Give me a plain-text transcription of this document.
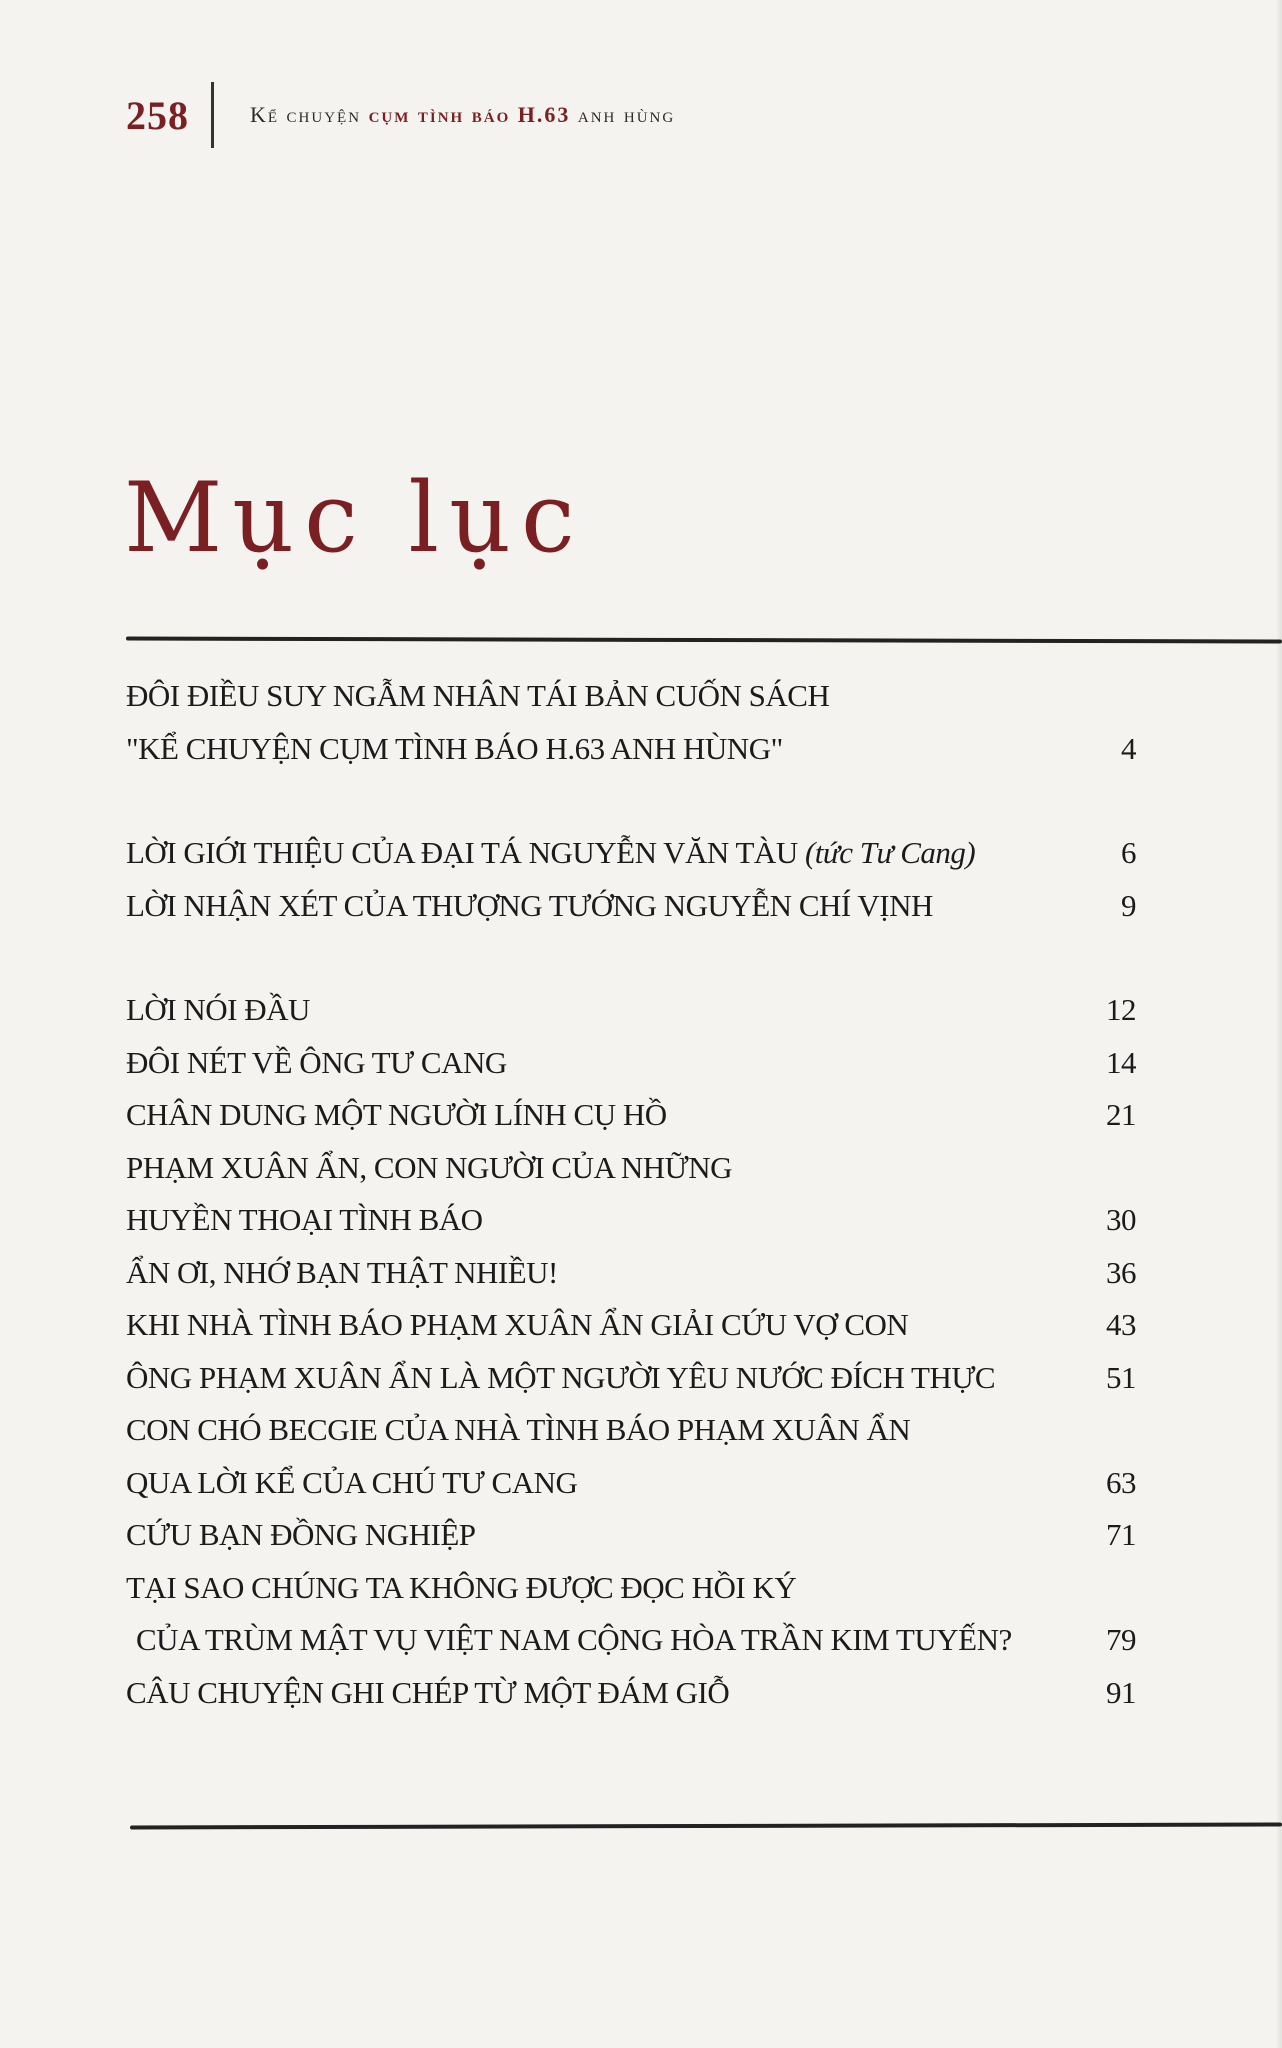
258	Kể chuyện cụm tình báo H.63 anh hùng
Mục lục
ĐÔI ĐIỀU SUY NGẪM NHÂN TÁI BẢN CUỐN SÁCH
"KỂ CHUYỆN CỤM TÌNH BÁO H.63 ANH HÙNG"	4
LỜI GIỚI THIỆU CỦA ĐẠI TÁ NGUYỄN VĂN TÀU (tức Tư Cang)	6
LỜI NHẬN XÉT CỦA THƯỢNG TƯỚNG NGUYỄN CHÍ VỊNH	9
LỜI NÓI ĐẦU	12
ĐÔI NÉT VỀ ÔNG TƯ CANG	14
CHÂN DUNG MỘT NGƯỜI LÍNH CỤ HỒ	21
PHẠM XUÂN ẨN, CON NGƯỜI CỦA NHỮNG
HUYỀN THOẠI TÌNH BÁO	30
ẨN ƠI, NHỚ BẠN THẬT NHIỀU!	36
KHI NHÀ TÌNH BÁO PHẠM XUÂN ẨN GIẢI CỨU VỢ CON	43
ÔNG PHẠM XUÂN ẨN LÀ MỘT NGƯỜI YÊU NƯỚC ĐÍCH THỰC	51
CON CHÓ BECGIE CỦA NHÀ TÌNH BÁO PHẠM XUÂN ẨN
QUA LỜI KỂ CỦA CHÚ TƯ CANG	63
CỨU BẠN ĐỒNG NGHIỆP	71
TẠI SAO CHÚNG TA KHÔNG ĐƯỢC ĐỌC HỒI KÝ
CỦA TRÙM MẬT VỤ VIỆT NAM CỘNG HÒA TRẦN KIM TUYẾN?	79
CÂU CHUYỆN GHI CHÉP TỪ MỘT ĐÁM GIỖ	91
